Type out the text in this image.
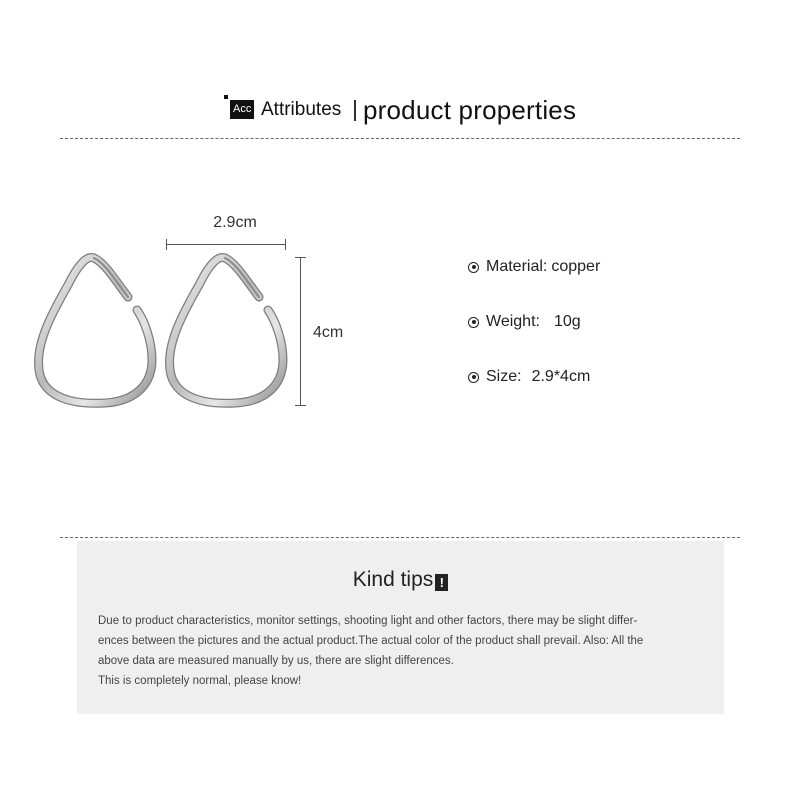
Acc Attributes product properties
2.9cm
4cm
Material: copper
Weight: 10g
Size: 2.9*4cm
Kind tips !

Due to product characteristics, monitor settings, shooting light and other factors, there may be slight differ-

ences between the pictures and the actual product.The actual color of the product shall prevail. Also: All the

above data are measured manually by us, there are slight differences.

This is completely normal, please know!
